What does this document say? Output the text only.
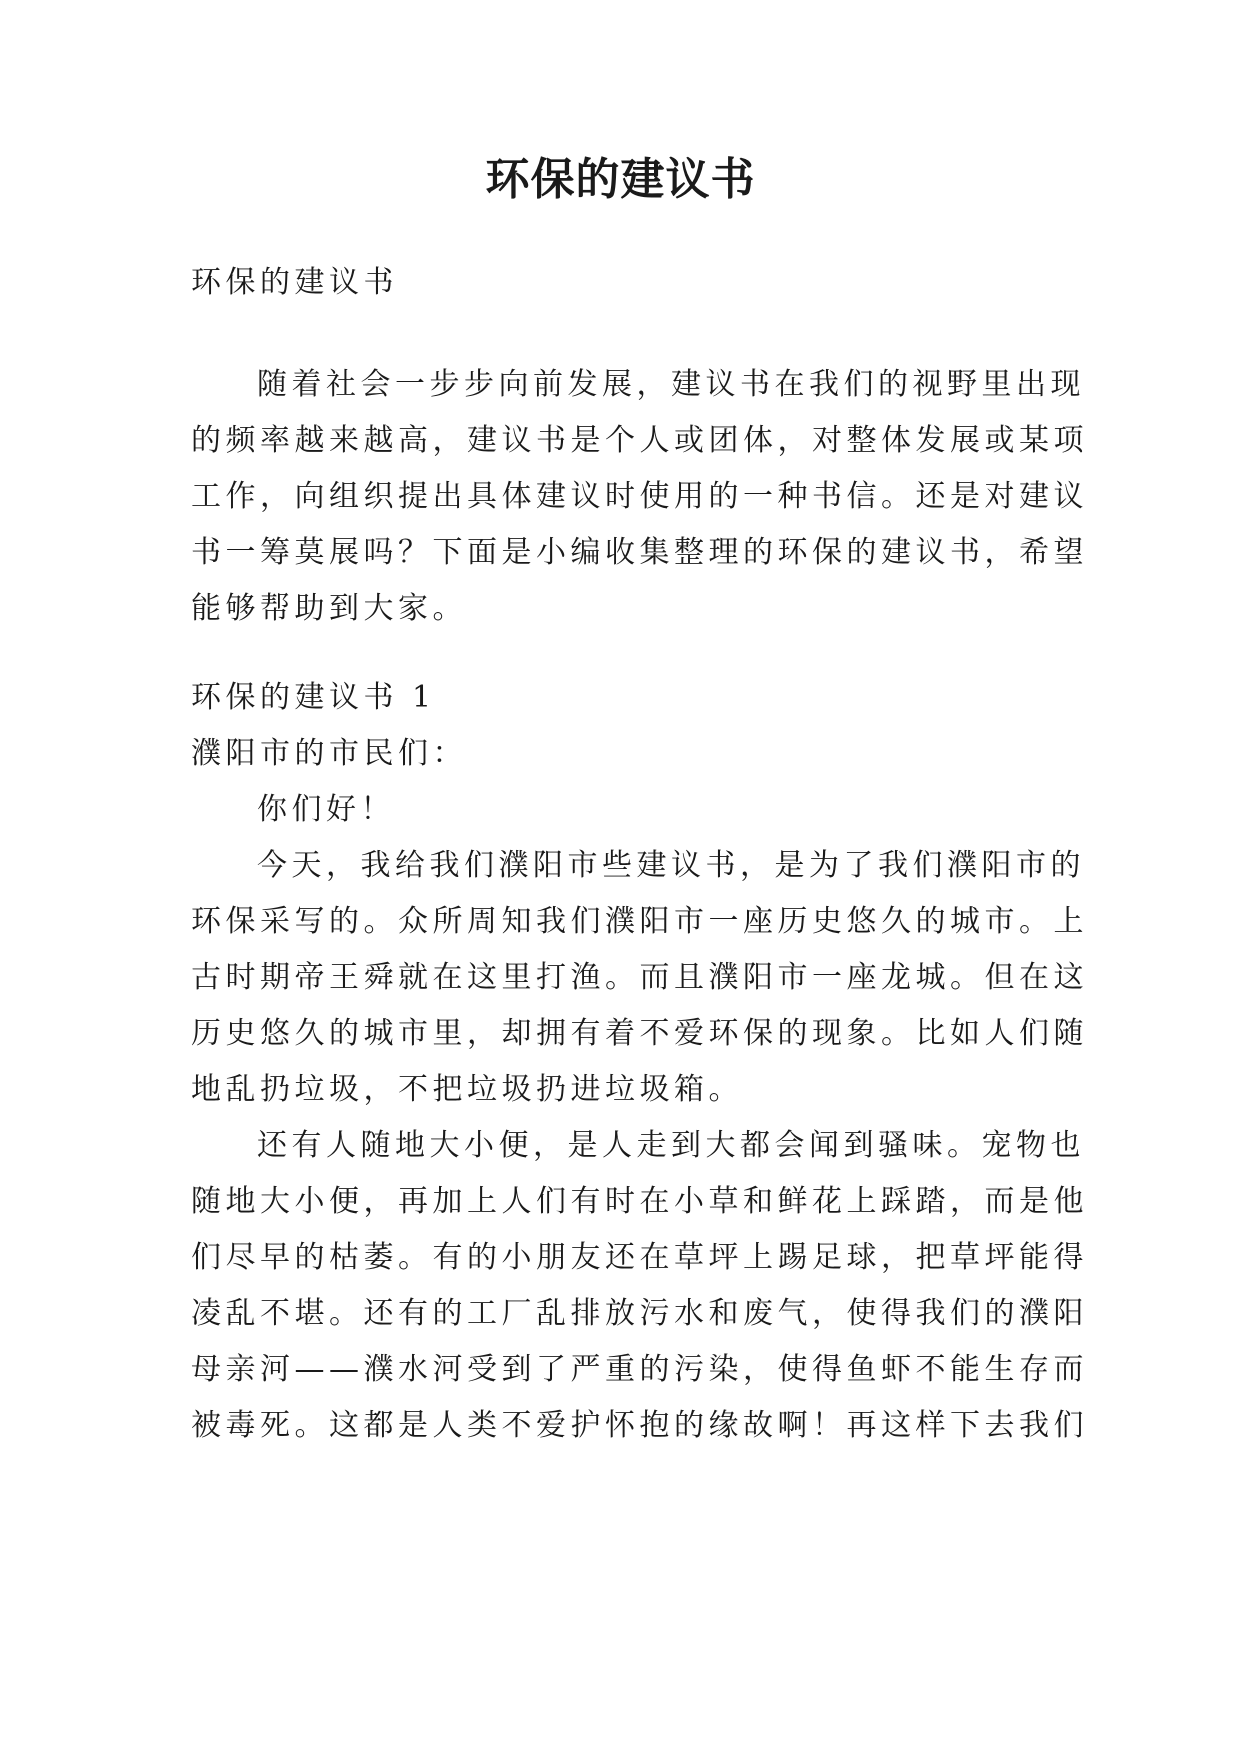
环保的建议书

环保的建议书

随着社会一步步向前发展，建议书在我们的视野里出现
的频率越来越高，建议书是个人或团体，对整体发展或某项
工作，向组织提出具体建议时使用的一种书信。还是对建议
书一筹莫展吗？下面是小编收集整理的环保的建议书，希望
能够帮助到大家。

环保的建议书 1

濮阳市的市民们：

你们好！

今天，我给我们濮阳市些建议书，是为了我们濮阳市的
环保采写的。众所周知我们濮阳市一座历史悠久的城市。上
古时期帝王舜就在这里打渔。而且濮阳市一座龙城。但在这
历史悠久的城市里，却拥有着不爱环保的现象。比如人们随
地乱扔垃圾，不把垃圾扔进垃圾箱。
还有人随地大小便，是人走到大都会闻到骚味。宠物也
随地大小便，再加上人们有时在小草和鲜花上踩踏，而是他
们尽早的枯萎。有的小朋友还在草坪上踢足球，把草坪能得
凌乱不堪。还有的工厂乱排放污水和废气，使得我们的濮阳
母亲河——濮水河受到了严重的污染，使得鱼虾不能生存而
被毒死。这都是人类不爱护怀抱的缘故啊！再这样下去我们
